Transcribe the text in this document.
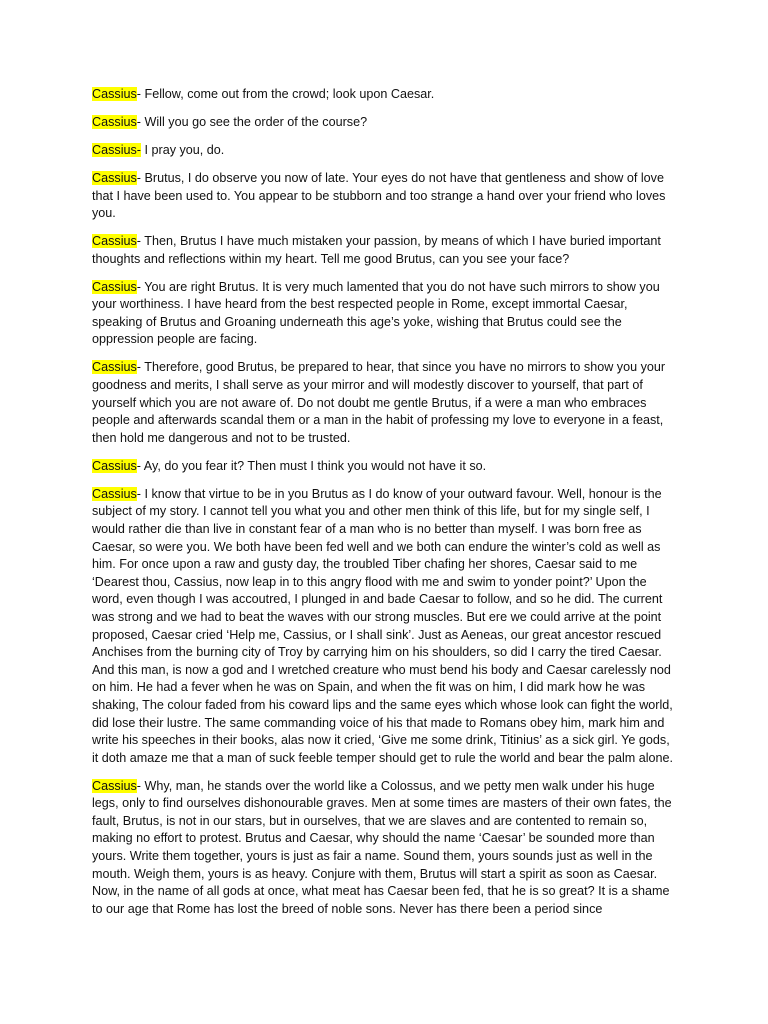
Cassius- Fellow, come out from the crowd; look upon Caesar.

Cassius- Will you go see the order of the course?

Cassius- I pray you, do.

Cassius- Brutus, I do observe you now of late. Your eyes do not have that gentleness and show of love that I have been used to. You appear to be stubborn and too strange a hand over your friend who loves you.

Cassius- Then, Brutus I have much mistaken your passion, by means of which I have buried important thoughts and reflections within my heart. Tell me good Brutus, can you see your face?

Cassius- You are right Brutus. It is very much lamented that you do not have such mirrors to show you your worthiness. I have heard from the best respected people in Rome, except immortal Caesar, speaking of Brutus and Groaning underneath this age’s yoke, wishing that Brutus could see the oppression people are facing.

Cassius- Therefore, good Brutus, be prepared to hear, that since you have no mirrors to show you your goodness and merits, I shall serve as your mirror and will modestly discover to yourself, that part of yourself which you are not aware of. Do not doubt me gentle Brutus, if a were a man who embraces people and afterwards scandal them or a man in the habit of professing my love to everyone in a feast, then hold me dangerous and not to be trusted.

Cassius- Ay, do you fear it? Then must I think you would not have it so.

Cassius- I know that virtue to be in you Brutus as I do know of your outward favour. Well, honour is the subject of my story. I cannot tell you what you and other men think of this life, but for my single self, I would rather die than live in constant fear of a man who is no better than myself. I was born free as Caesar, so were you. We both have been fed well and we both can endure the winter’s cold as well as him. For once upon a raw and gusty day, the troubled Tiber chafing her shores, Caesar said to me ‘Dearest thou, Cassius, now leap in to this angry flood with me and swim to yonder point?’ Upon the word, even though I was accoutred, I plunged in and bade Caesar to follow, and so he did. The current was strong and we had to beat the waves with our strong muscles. But ere we could arrive at the point proposed, Caesar cried ‘Help me, Cassius, or I shall sink’. Just as Aeneas, our great ancestor rescued Anchises from the burning city of Troy by carrying him on his shoulders, so did I carry the tired Caesar. And this man, is now a god and I wretched creature who must bend his body and Caesar carelessly nod on him. He had a fever when he was on Spain, and when the fit was on him, I did mark how he was shaking, The colour faded from his coward lips and the same eyes which whose look can fight the world, did lose their lustre. The same commanding voice of his that made to Romans obey him, mark him and write his speeches in their books, alas now it cried, ‘Give me some drink, Titinius’ as a sick girl. Ye gods, it doth amaze me that a man of suck feeble temper should get to rule the world and bear the palm alone.

Cassius- Why, man, he stands over the world like a Colossus, and we petty men walk under his huge legs, only to find ourselves dishonourable graves. Men at some times are masters of their own fates, the fault, Brutus, is not in our stars, but in ourselves, that we are slaves and are contented to remain so, making no effort to protest. Brutus and Caesar, why should the name ‘Caesar’ be sounded more than yours. Write them together, yours is just as fair a name. Sound them, yours sounds just as well in the mouth. Weigh them, yours is as heavy. Conjure with them, Brutus will start a spirit as soon as Caesar. Now, in the name of all gods at once, what meat has Caesar been fed, that he is so great? It is a shame to our age that Rome has lost the breed of noble sons. Never has there been a period since
